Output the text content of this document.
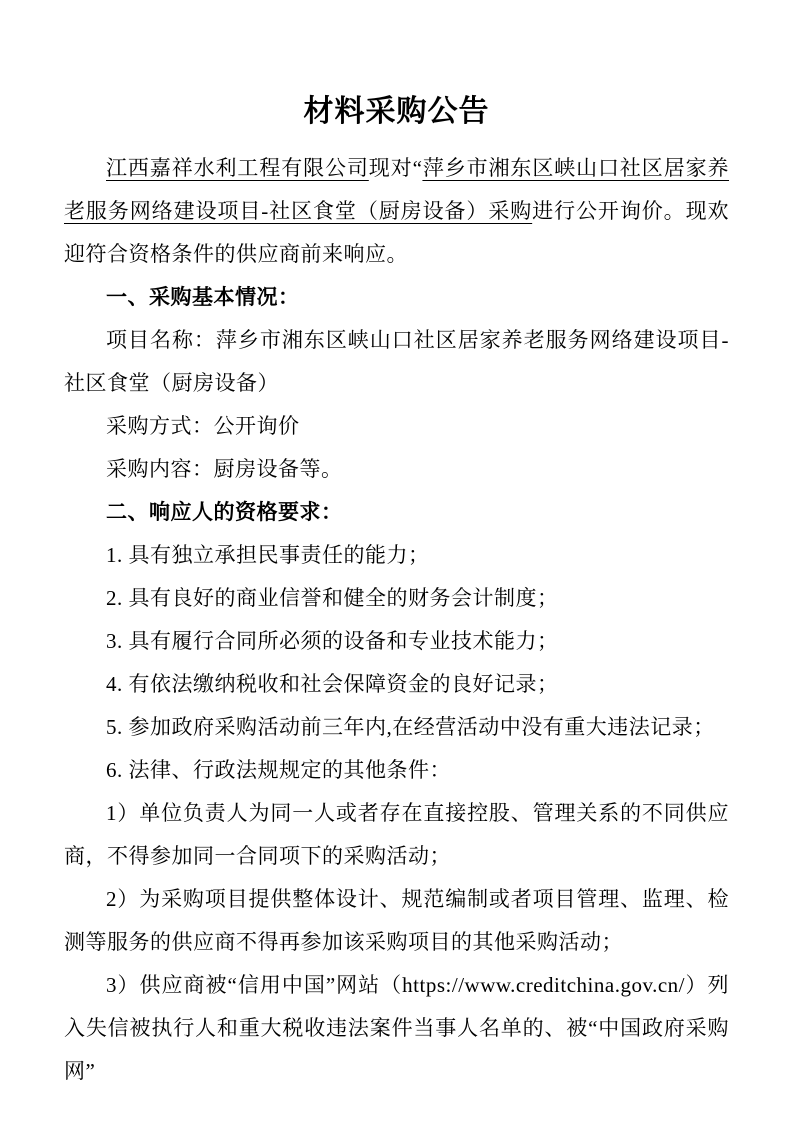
材料采购公告

江西嘉祥水利工程有限公司现对“萍乡市湘东区峡山口社区居家养老服务网络建设项目-社区食堂（厨房设备）采购进行公开询价。现欢迎符合资格条件的供应商前来响应。

一、采购基本情况：

项目名称：萍乡市湘东区峡山口社区居家养老服务网络建设项目-社区食堂（厨房设备）

采购方式：公开询价

采购内容：厨房设备等。

二、响应人的资格要求：

1. 具有独立承担民事责任的能力；

2. 具有良好的商业信誉和健全的财务会计制度；

3. 具有履行合同所必须的设备和专业技术能力；

4. 有依法缴纳税收和社会保障资金的良好记录；

5. 参加政府采购活动前三年内,在经营活动中没有重大违法记录；

6. 法律、行政法规规定的其他条件：

1）单位负责人为同一人或者存在直接控股、管理关系的不同供应商，不得参加同一合同项下的采购活动；

2）为采购项目提供整体设计、规范编制或者项目管理、监理、检测等服务的供应商不得再参加该采购项目的其他采购活动；

3）供应商被“信用中国”网站（https://www.creditchina.gov.cn/）列入失信被执行人和重大税收违法案件当事人名单的、被“中国政府采购网”
